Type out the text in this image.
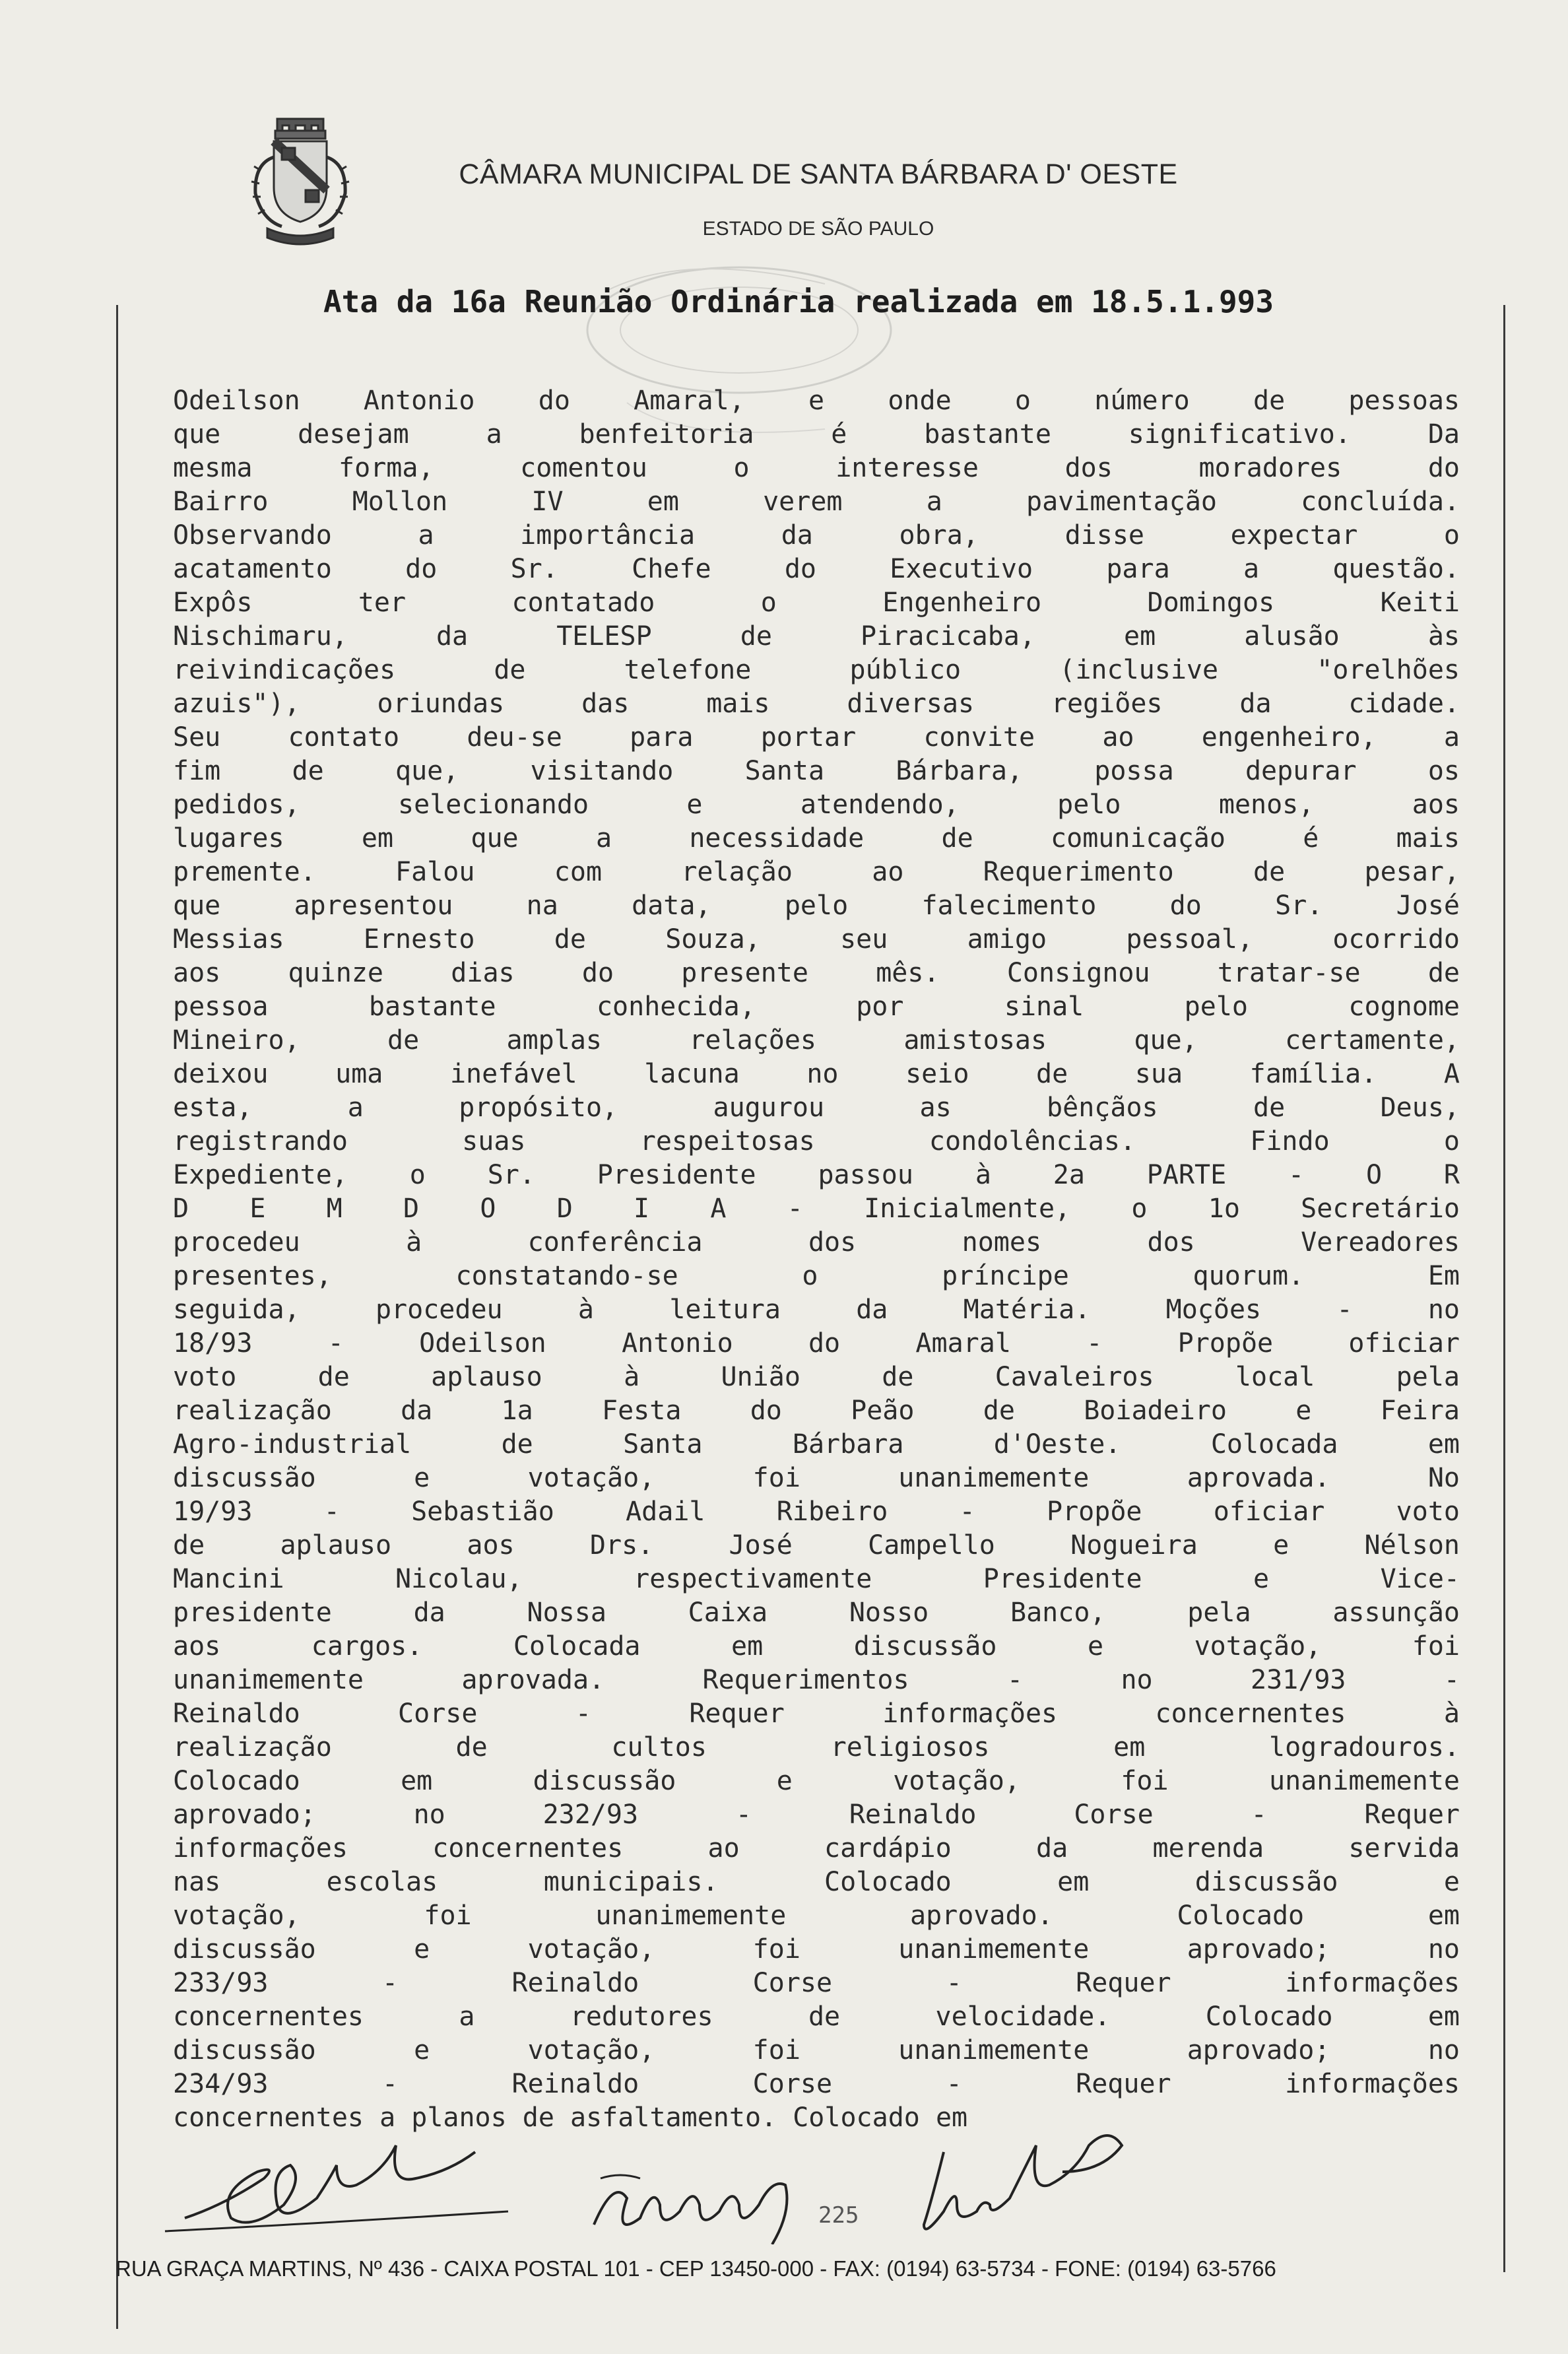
CÂMARA MUNICIPAL DE SANTA BÁRBARA D' OESTE
ESTADO DE SÃO PAULO
Ata da 16a Reunião Ordinária realizada em 18.5.1.993
Odeilson Antonio do Amaral, e onde o número de pessoas
que desejam a benfeitoria é bastante significativo. Da
mesma forma, comentou o interesse dos moradores do
Bairro Mollon IV em verem a pavimentação concluída.
Observando a importância da obra, disse expectar o
acatamento do Sr. Chefe do Executivo para a questão.
Expôs ter contatado o Engenheiro Domingos Keiti
Nischimaru, da TELESP de Piracicaba, em alusão às
reivindicações de telefone público (inclusive "orelhões
azuis"), oriundas das mais diversas regiões da cidade.
Seu contato deu-se para portar convite ao engenheiro, a
fim de que, visitando Santa Bárbara, possa depurar os
pedidos, selecionando e atendendo, pelo menos, aos
lugares em que a necessidade de comunicação é mais
premente. Falou com relação ao Requerimento de pesar,
que apresentou na data, pelo falecimento do Sr. José
Messias Ernesto de Souza, seu amigo pessoal, ocorrido
aos quinze dias do presente mês. Consignou tratar-se de
pessoa bastante conhecida, por sinal pelo cognome
Mineiro, de amplas relações amistosas que, certamente,
deixou uma inefável lacuna no seio de sua família. A
esta, a propósito, augurou as bênçãos de Deus,
registrando suas respeitosas condolências. Findo o
Expediente, o Sr. Presidente passou à 2a PARTE - O R
D E M D O D I A - Inicialmente, o 1o Secretário
procedeu à conferência dos nomes dos Vereadores
presentes, constatando-se o príncipe quorum. Em
seguida, procedeu à leitura da Matéria. Moções - no
18/93 - Odeilson Antonio do Amaral - Propõe oficiar
voto de aplauso à União de Cavaleiros local pela
realização da 1a Festa do Peão de Boiadeiro e Feira
Agro-industrial de Santa Bárbara d'Oeste. Colocada em
discussão e votação, foi unanimemente aprovada. No
19/93 - Sebastião Adail Ribeiro - Propõe oficiar voto
de aplauso aos Drs. José Campello Nogueira e Nélson
Mancini Nicolau, respectivamente Presidente e Vice-
presidente da Nossa Caixa Nosso Banco, pela assunção
aos cargos. Colocada em discussão e votação, foi
unanimemente aprovada. Requerimentos - no 231/93 -
Reinaldo Corse - Requer informações concernentes à
realização de cultos religiosos em logradouros.
Colocado em discussão e votação, foi unanimemente
aprovado; no 232/93 - Reinaldo Corse - Requer
informações concernentes ao cardápio da merenda servida
nas escolas municipais. Colocado em discussão e
votação, foi unanimemente aprovado. Colocado em
discussão e votação, foi unanimemente aprovado; no
233/93 - Reinaldo Corse - Requer informações
concernentes a redutores de velocidade. Colocado em
discussão e votação, foi unanimemente aprovado; no
234/93 - Reinaldo Corse - Requer informações
concernentes a planos de asfaltamento. Colocado em
225
RUA GRAÇA MARTINS, Nº 436 - CAIXA POSTAL 101 - CEP 13450-000 - FAX: (0194) 63-5734 - FONE: (0194) 63-5766
